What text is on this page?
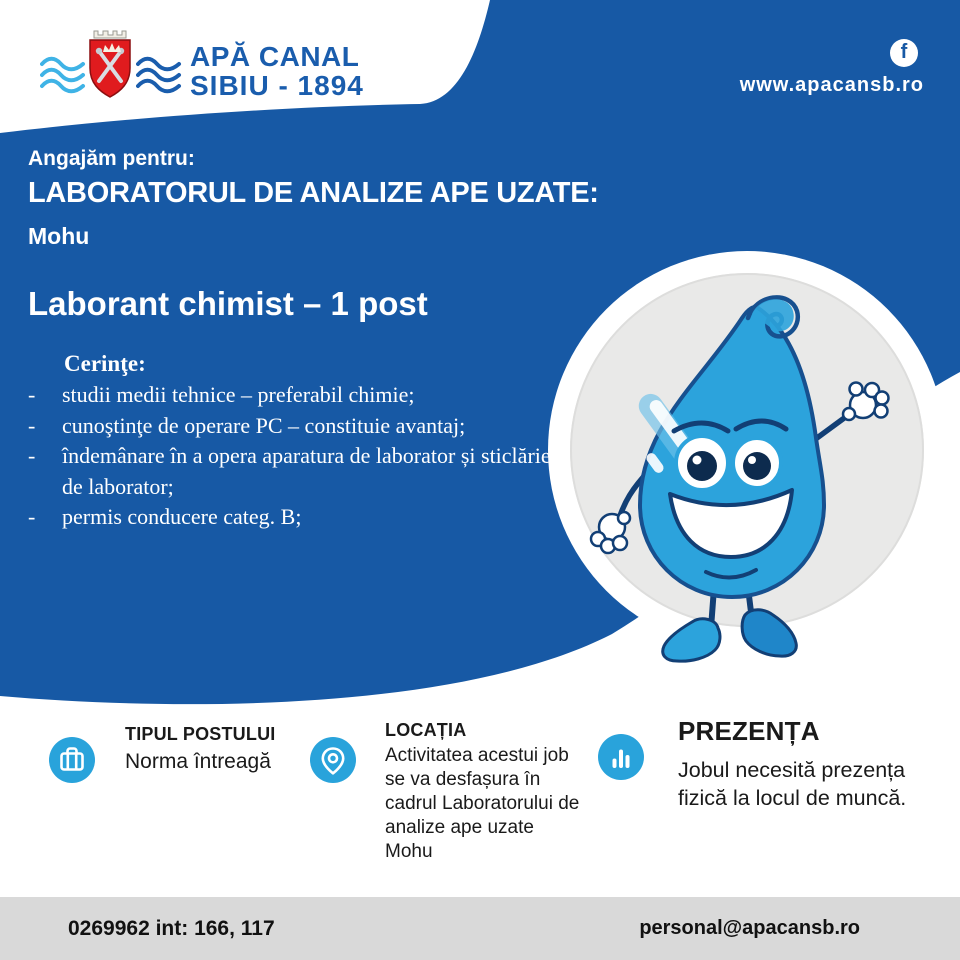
APĂ CANAL
SIBIU - 1894
f
www.apacansb.ro
Angajăm pentru:
LABORATORUL DE ANALIZE APE UZATE:
Mohu
Laborant chimist – 1 post
Cerinţe:
-	studii medii tehnice – preferabil chimie;
-	cunoştinţe de operare PC – constituie avantaj;
-	îndemânare în a opera aparatura de laborator și sticlărie de laborator;
-	permis conducere categ. B;
TIPUL POSTULUI
Norma întreagă
LOCAȚIA
Activitatea acestui job se va desfașura în cadrul Laboratorului de analize ape uzate Mohu
PREZENȚA
Jobul necesită prezența fizică la locul de muncă.
0269962 int: 166, 117	personal@apacansb.ro
